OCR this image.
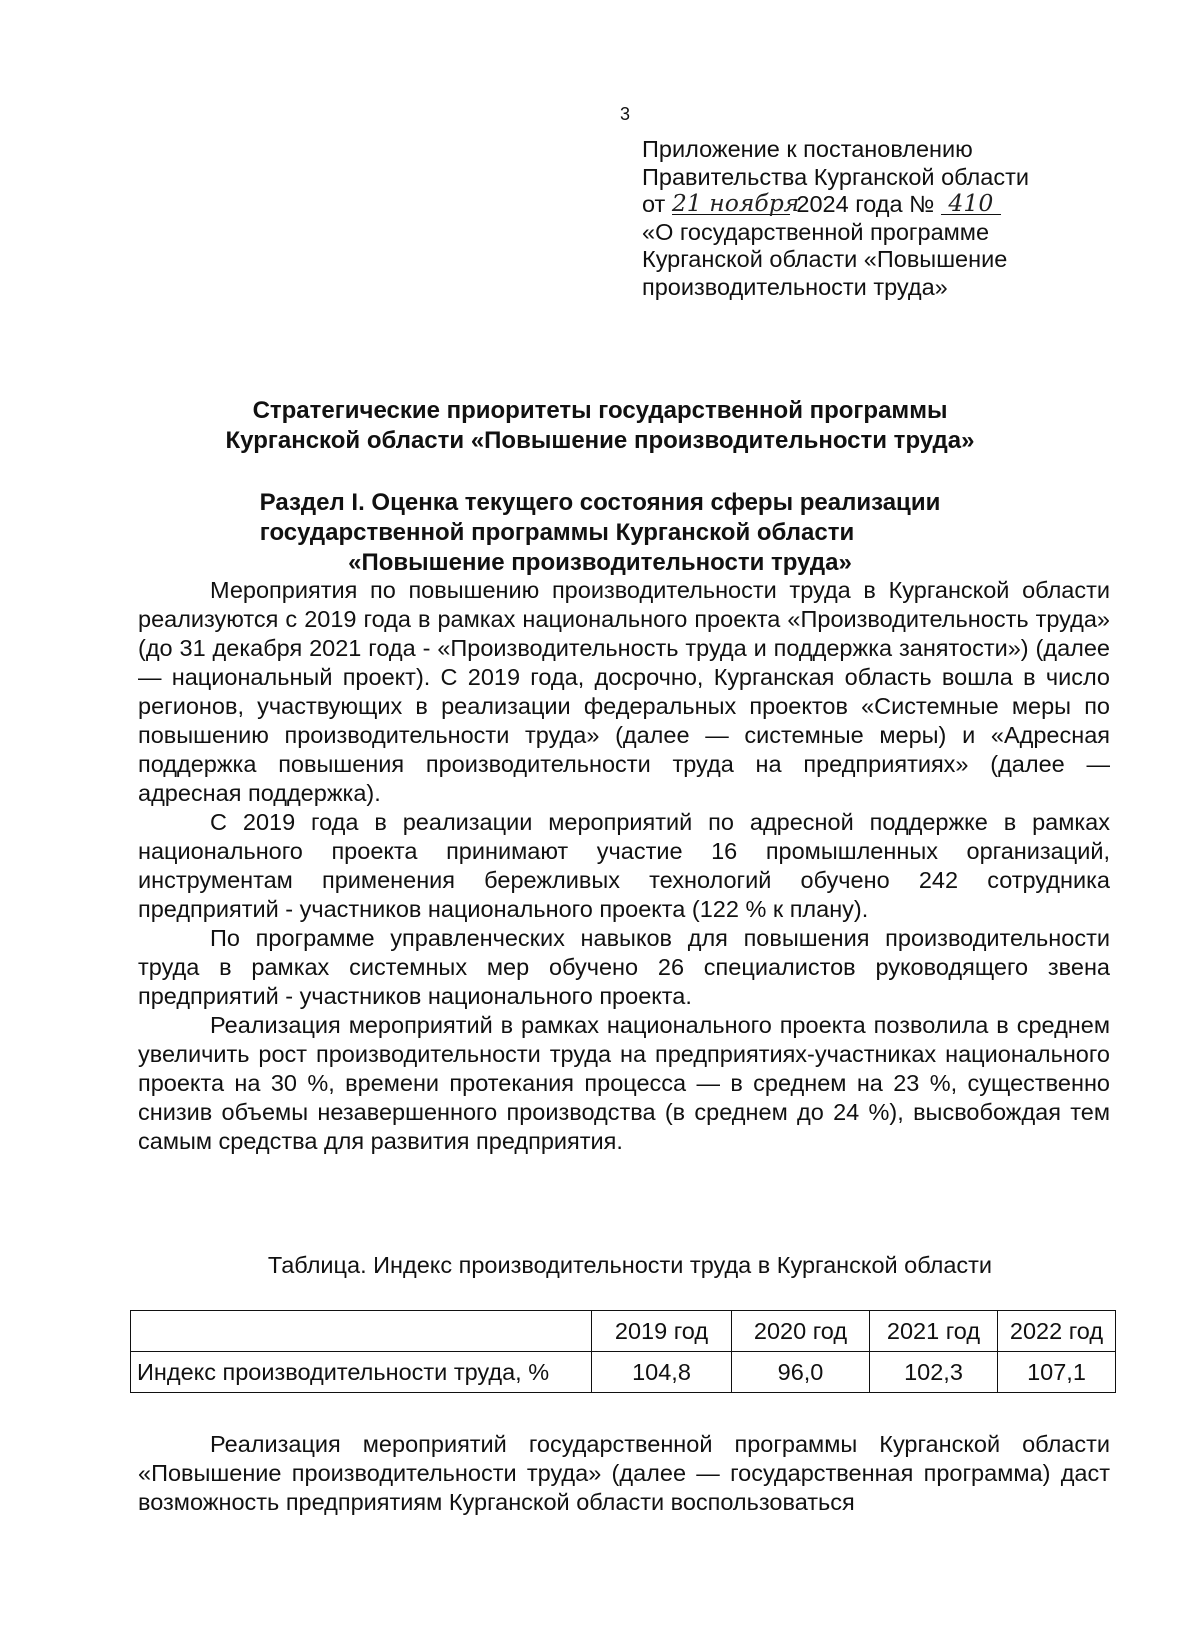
3
Приложение к постановлению
Правительства Курганской области
от 21 ноября 2024 года № 410
«О государственной программе
Курганской области «Повышение
производительности труда»
Стратегические приоритеты государственной программы
Курганской области «Повышение производительности труда»
Раздел I. Оценка текущего состояния сферы реализации
государственной программы Курганской области
«Повышение производительности труда»

Мероприятия по повышению производительности труда в Курганской области реализуются с 2019 года в рамках национального проекта «Производительность труда» (до 31 декабря 2021 года - «Производительность труда и поддержка занятости») (далее — национальный проект). С 2019 года, досрочно, Курганская область вошла в число регионов, участвующих в реализации федеральных проектов «Системные меры по повышению производительности труда» (далее — системные меры) и «Адресная поддержка повышения производительности труда на предприятиях» (далее — адресная поддержка).

С 2019 года в реализации мероприятий по адресной поддержке в рамках национального проекта принимают участие 16 промышленных организаций, инструментам применения бережливых технологий обучено 242 сотрудника предприятий - участников национального проекта (122 % к плану).

По программе управленческих навыков для повышения производительности труда в рамках системных мер обучено 26 специалистов руководящего звена предприятий - участников национального проекта.

Реализация мероприятий в рамках национального проекта позволила в среднем увеличить рост производительности труда на предприятиях-участниках национального проекта на 30 %, времени протекания процесса — в среднем на 23 %, существенно снизив объемы незавершенного производства (в среднем до 24 %), высвобождая тем самым средства для развития предприятия.

Таблица. Индекс производительности труда в Курганской области
	2019 год	2020 год	2021 год	2022 год
Индекс производительности труда, %	104,8	96,0	102,3	107,1

Реализация мероприятий государственной программы Курганской области «Повышение производительности труда» (далее — государственная программа) даст возможность предприятиям Курганской области воспользоваться
